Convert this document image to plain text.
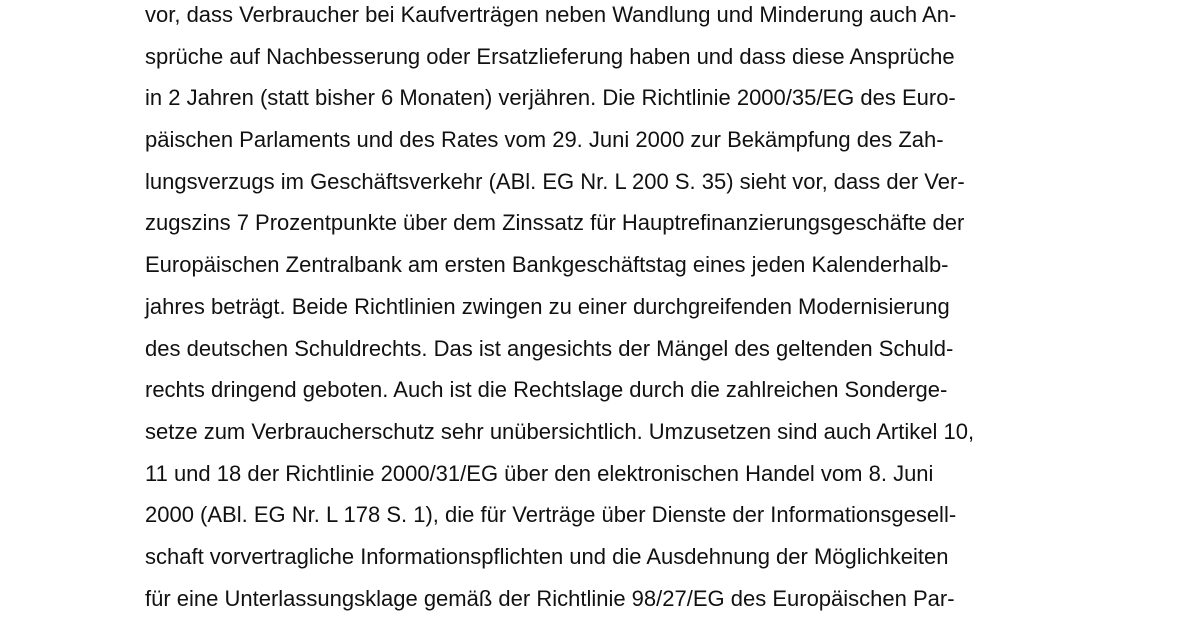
vor, dass Verbraucher bei Kaufverträgen neben Wandlung und Minderung auch An-
sprüche auf Nachbesserung oder Ersatzlieferung haben und dass diese Ansprüche
in 2 Jahren (statt bisher 6 Monaten) verjähren. Die Richtlinie 2000/35/EG des Euro-
päischen Parlaments und des Rates vom 29. Juni 2000 zur Bekämpfung des Zah-
lungsverzugs im Geschäftsverkehr (ABl. EG Nr. L 200 S. 35) sieht vor, dass der Ver-
zugszins 7 Prozentpunkte über dem Zinssatz für Hauptrefinanzierungsgeschäfte der
Europäischen Zentralbank am ersten Bankgeschäftstag eines jeden Kalenderhalb-
jahres beträgt. Beide Richtlinien zwingen zu einer durchgreifenden Modernisierung
des deutschen Schuldrechts. Das ist angesichts der Mängel des geltenden Schuld-
rechts dringend geboten. Auch ist die Rechtslage durch die zahlreichen Sonderge-
setze zum Verbraucherschutz sehr unübersichtlich. Umzusetzen sind auch Artikel 10,
11 und 18 der Richtlinie 2000/31/EG über den elektronischen Handel vom 8. Juni
2000 (ABl. EG Nr. L 178 S. 1), die für Verträge über Dienste der Informationsgesell-
schaft vorvertragliche Informationspflichten und die Ausdehnung der Möglichkeiten
für eine Unterlassungsklage gemäß der Richtlinie 98/27/EG des Europäischen Par-
